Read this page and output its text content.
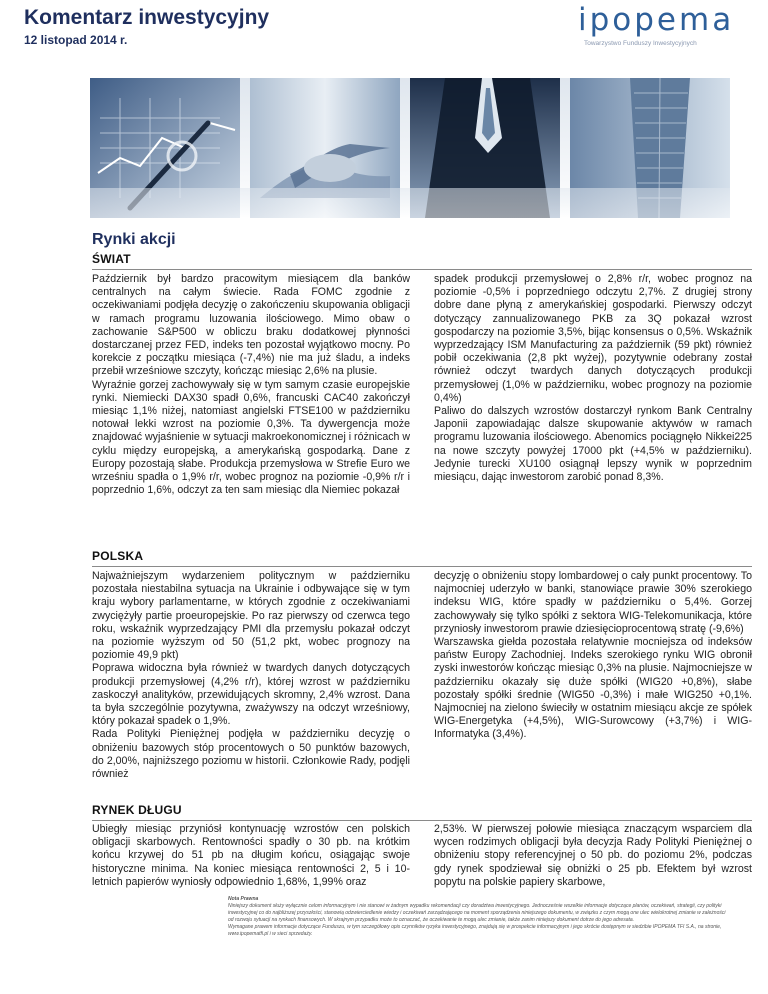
Komentarz inwestycyjny
12 listopad 2014 r.
ipopema
Towarzystwo Funduszy Inwestycyjnych
Rynki akcji
ŚWIAT

Październik był bardzo pracowitym miesiącem dla banków centralnych na całym świecie. Rada FOMC zgodnie z oczekiwaniami podjęła decyzję o zakończeniu skupowania obligacji w ramach programu luzowania ilościowego. Mimo obaw o zachowanie S&P500 w obliczu braku dodatkowej płynności dostarczanej przez FED, indeks ten pozostał wyjątkowo mocny. Po korekcie z początku miesiąca (-7,4%) nie ma już śladu, a indeks przebił wrześniowe szczyty, kończąc miesiąc 2,6% na plusie.

Wyraźnie gorzej zachowywały się w tym samym czasie europejskie rynki. Niemiecki DAX30 spadł 0,6%, francuski CAC40 zakończył miesiąc 1,1% niżej, natomiast angielski FTSE100 w październiku notował lekki wzrost na poziomie 0,3%. Ta dywergencja może znajdować wyjaśnienie w sytuacji makroekonomicznej i różnicach w cyklu między europejską, a amerykańską gospodarką. Dane z Europy pozostają słabe. Produkcja przemysłowa w Strefie Euro we wrześniu spadła o 1,9% r/r, wobec prognoz na poziomie -0,9% r/r i poprzednio 1,6%, odczyt za ten sam miesiąc dla Niemiec pokazał

spadek produkcji przemysłowej o 2,8% r/r, wobec prognoz na poziomie -0,5% i poprzedniego odczytu 2,7%. Z drugiej strony dobre dane płyną z amerykańskiej gospodarki. Pierwszy odczyt dotyczący zannualizowanego PKB za 3Q pokazał wzrost gospodarczy na poziomie 3,5%, bijąc konsensus o 0,5%. Wskaźnik wyprzedzający ISM Manufacturing za październik (59 pkt) również pobił oczekiwania (2,8 pkt wyżej), pozytywnie odebrany został również odczyt twardych danych dotyczących produkcji przemysłowej (1,0% w październiku, wobec prognozy na poziomie 0,4%)

Paliwo do dalszych wzrostów dostarczył rynkom Bank Centralny Japonii zapowiadając dalsze skupowanie aktywów w ramach programu luzowania ilościowego. Abenomics pociągnęło Nikkei225 na nowe szczyty powyżej 17000 pkt (+4,5% w październiku). Jedynie turecki XU100 osiągnął lepszy wynik w poprzednim miesiącu, dając inwestorom zarobić ponad 8,3%.

POLSKA

Najważniejszym wydarzeniem politycznym w październiku pozostała niestabilna sytuacja na Ukrainie i odbywające się w tym kraju wybory parlamentarne, w których zgodnie z oczekiwaniami zwyciężyły partie proeuropejskie. Po raz pierwszy od czerwca tego roku, wskaźnik wyprzedzający PMI dla przemysłu pokazał odczyt na poziomie wyższym od 50 (51,2 pkt, wobec prognozy na poziomie 49,9 pkt)

Poprawa widoczna była również w twardych danych dotyczących produkcji przemysłowej (4,2% r/r), której wzrost w październiku zaskoczył analityków, przewidujących skromny, 2,4% wzrost. Dana ta była szczególnie pozytywna, zważywszy na odczyt wrześniowy, który pokazał spadek o 1,9%.

Rada Polityki Pieniężnej podjęła w październiku decyzję o obniżeniu bazowych stóp procentowych o 50 punktów bazowych, do 2,00%, najniższego poziomu w historii. Członkowie Rady, podjęli również

decyzję o obniżeniu stopy lombardowej o cały punkt procentowy. To najmocniej uderzyło w banki, stanowiące prawie 30% szerokiego indeksu WIG, które spadły w październiku o 5,4%. Gorzej zachowywały się tylko spółki z sektora WIG-Telekomunikacja, które przyniosły inwestorom prawie dziesięcioprocentową stratę (-9,6%)

Warszawska giełda pozostała relatywnie mocniejsza od indeksów państw Europy Zachodniej. Indeks szerokiego rynku WIG obronił zyski inwestorów kończąc miesiąc 0,3% na plusie. Najmocniejsze w październiku okazały się duże spółki (WIG20 +0,8%), słabe pozostały spółki średnie (WIG50 -0,3%) i małe WIG250 +0,1%. Najmocniej na zielono świeciły w ostatnim miesiącu akcje ze spółek WIG-Energetyka (+4,5%), WIG-Surowcowy (+3,7%) i WIG-Informatyka (3,4%).

RYNEK DŁUGU

Ubiegły miesiąc przyniósł kontynuację wzrostów cen polskich obligacji skarbowych. Rentowności spadły o 30 pb. na krótkim końcu krzywej do 51 pb na długim końcu, osiągając swoje historyczne minima. Na koniec miesiąca rentowności 2, 5 i 10-letnich papierów wyniosły odpowiednio 1,68%, 1,99% oraz

2,53%. W pierwszej połowie miesiąca znaczącym wsparciem dla wycen rodzimych obligacji była decyzja Rady Polityki Pieniężnej o obniżeniu stopy referencyjnej o 50 pb. do poziomu 2%, podczas gdy rynek spodziewał się obniżki o 25 pb. Efektem był wzrost popytu na polskie papiery skarbowe,

Nota Prawna
Niniejszy dokument służy wyłącznie celom informacyjnym i nie stanowi w żadnym wypadku rekomendacji czy doradztwa inwestycyjnego. Jednocześnie wszelkie informacje dotyczące planów, oczekiwań, strategii, czy polityki inwestycyjnej co do najbliższej przyszłości, stanowią odzwierciedlenie wiedzy i oczekiwań zarządzającego na moment sporządzenia niniejszego dokumentu, w związku z czym mogą one ulec wielokrotnej zmianie w zależności od rozwoju sytuacji na rynkach finansowych. W skrajnym przypadku może to oznaczać, że oczekiwanie te mogą ulec zmianie, także zanim niniejszy dokument dotrze do jego adresata.
Wymagane prawem informacje dotyczące Funduszu, w tym szczegółowy opis czynników ryzyka inwestycyjnego, znajdują się w prospekcie informacyjnym i jego skrócie dostępnym w siedzibie IPOPEMA TFI S.A., na stronie, www.ipopematfi.pl i w sieci sprzedaży.
